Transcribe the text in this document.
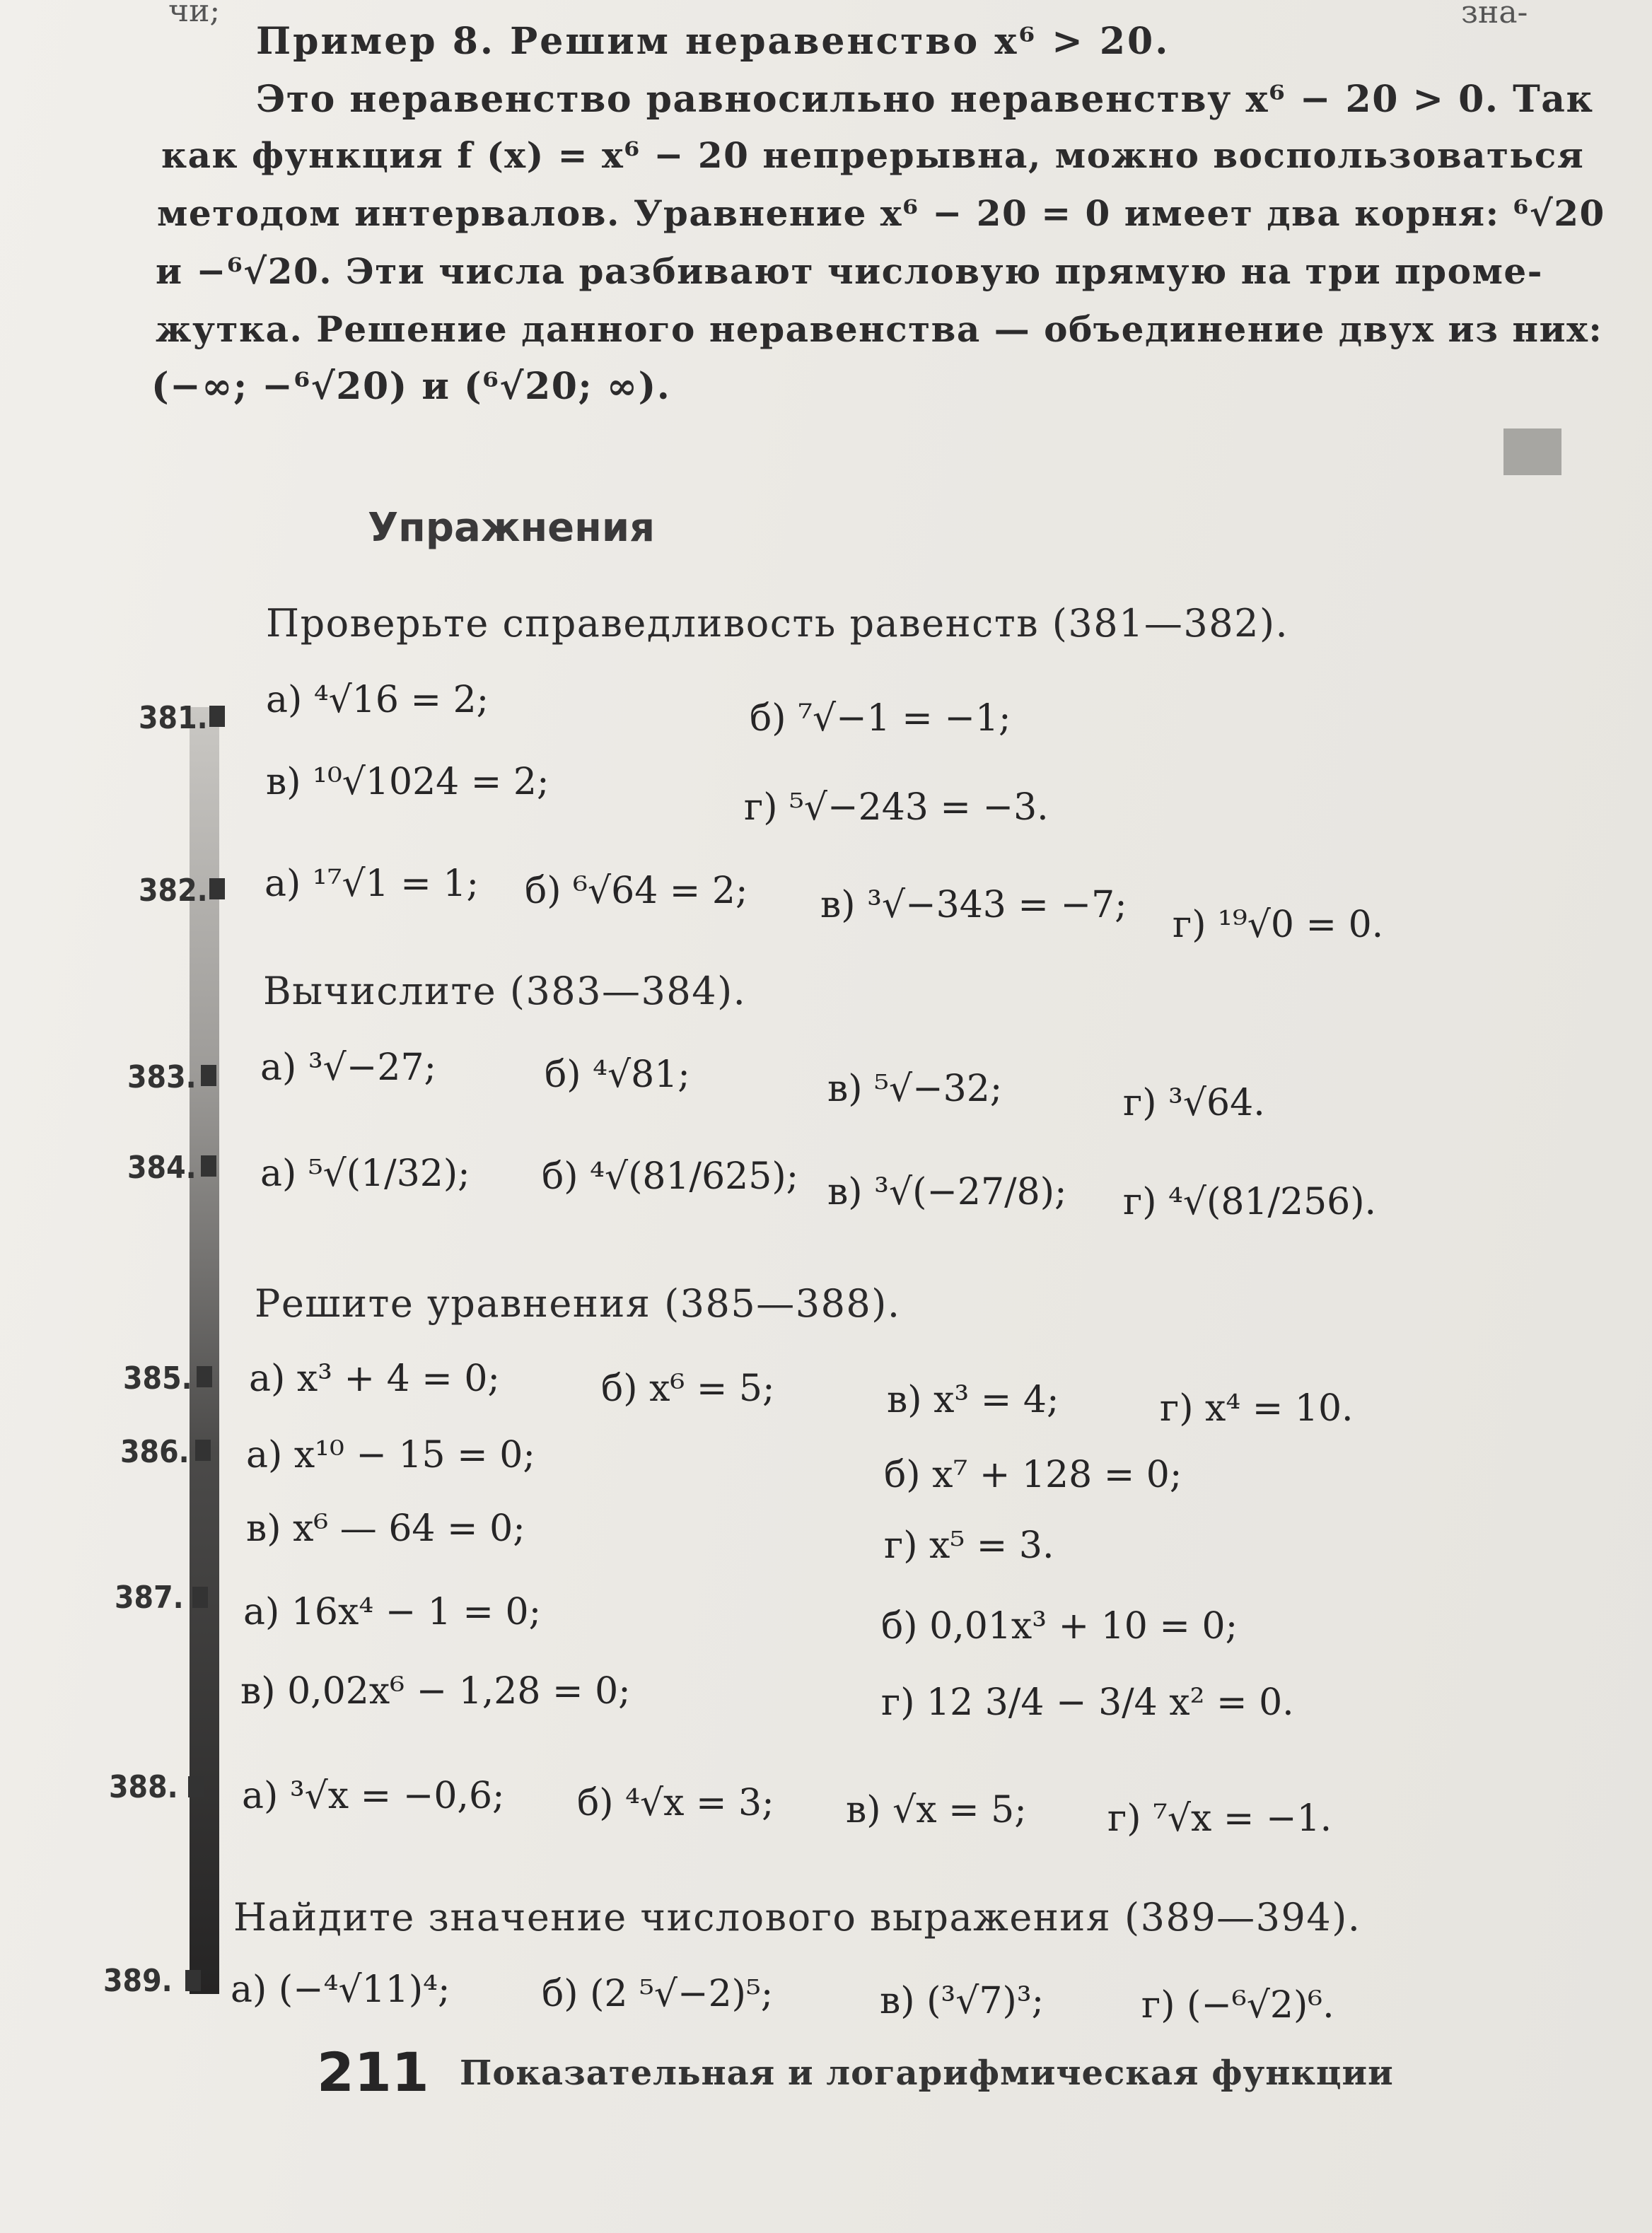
чи;	зна-
Пример 8. Решим неравенство x⁶ > 20.
Это неравенство равносильно неравенству x⁶ − 20 > 0. Так
как функция f (x) = x⁶ − 20 непрерывна, можно воспользоваться
методом интервалов. Уравнение x⁶ − 20 = 0 имеет два корня: ⁶√20
и −⁶√20. Эти числа разбивают числовую прямую на три проме-
жутка. Решение данного неравенства — объединение двух из них:
(−∞; −⁶√20) и (⁶√20; ∞).
Упражнения
Проверьте справедливость равенств (381—382).
381. а) ⁴√16 = 2;	б) ⁷√−1 = −1;
в) ¹⁰√1024 = 2;
г) ⁵√−243 = −3.
382. а) ¹⁷√1 = 1; б) ⁶√64 = 2; в) ³√−343 = −7; г) ¹⁹√0 = 0.
Вычислите (383—384).
383. а) ³√−27;	б) ⁴√81;	в) ⁵√−32;	г) ³√64.
384. а) ⁵√(1/32); б) ⁴√(81/625); в) ³√(−27/8); г) ⁴√(81/256).
Решите уравнения (385—388).
385. а) x³ + 4 = 0;	б) x⁶ = 5;	в) x³ = 4;	г) x⁴ = 10.
386. а) x¹⁰ − 15 = 0;	б) x⁷ + 128 = 0;
в) x⁶ — 64 = 0;	г) x⁵ = 3.
387. а) 16x⁴ − 1 = 0;	б) 0,01x³ + 10 = 0;
в) 0,02x⁶ − 1,28 = 0;	г) 12 3/4 − 3/4 x² = 0.
388. а) ³√x = −0,6; б) ⁴√x = 3; в) √x = 5; г) ⁷√x = −1.
Найдите значение числового выражения (389—394).
389. а) (−⁴√11)⁴; б) (2 ⁵√−2)⁵;	в) (³√7)³;	г) (−⁶√2)⁶.
211 Показательная и логарифмическая функции
